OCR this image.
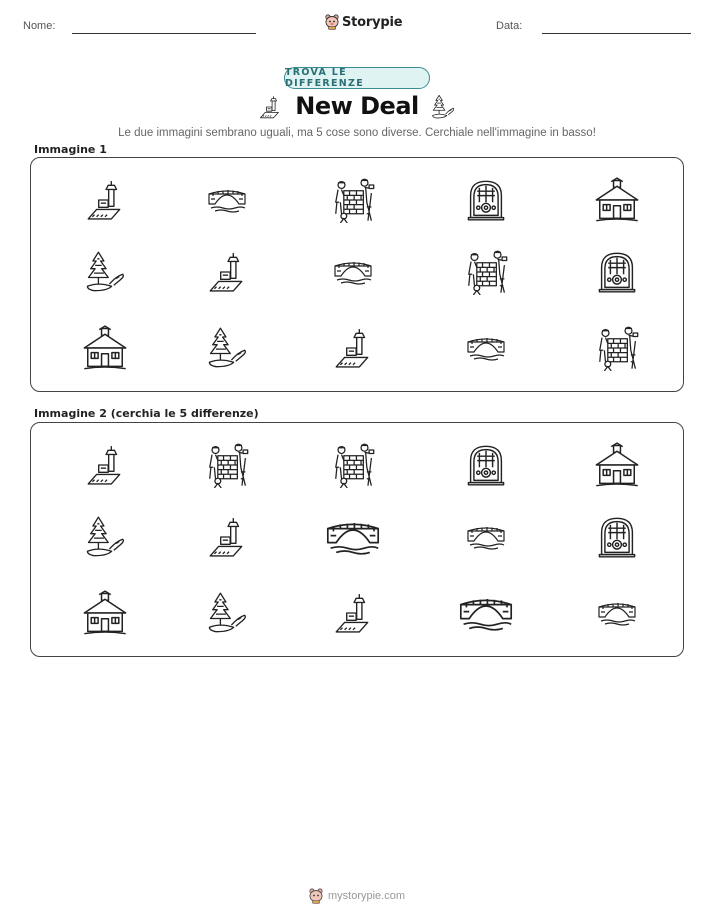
Nome:	Storypie	Data:
TROVA LE DIFFERENZE
New Deal
Le due immagini sembrano uguali, ma 5 cose sono diverse. Cerchiale nell'immagine in basso!
Immagine 1
Immagine 2 (cerchia le 5 differenze)
mystorypie.com
